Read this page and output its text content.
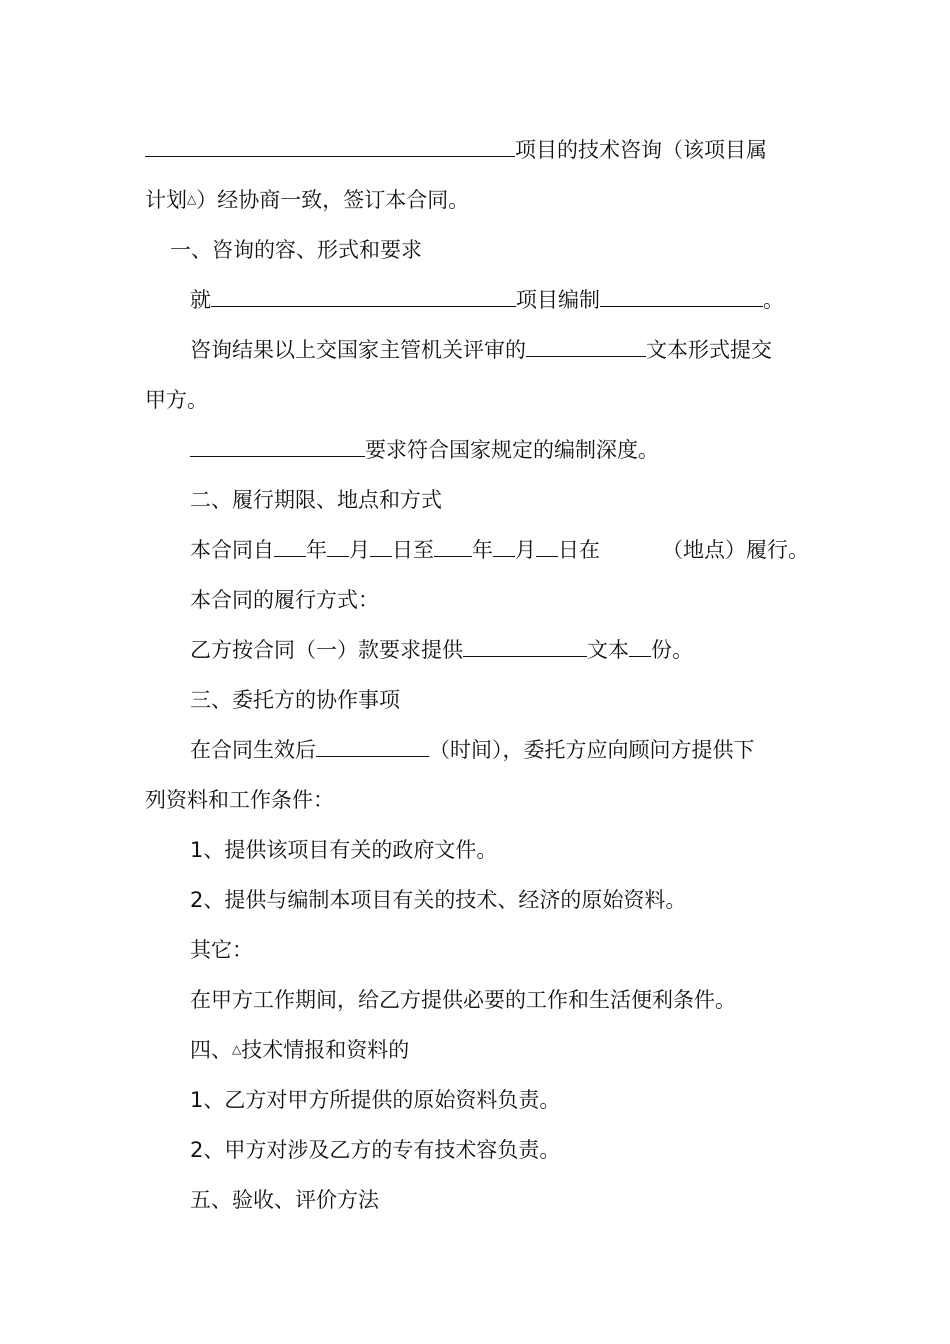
项目的技术咨询（该项目属
计划△）经协商一致，签订本合同。
一、咨询的容、形式和要求
就	项目编制	。
咨询结果以上交国家主管机关评审的	文本形式提交
甲方。
要求符合国家规定的编制深度。
二、履行期限、地点和方式
本合同自 年 月 日至 年 月 日在	（地点）履行。
本合同的履行方式：
乙方按合同（一）款要求提供	文本 份。
三、委托方的协作事项
在合同生效后	（时间），委托方应向顾问方提供下
列资料和工作条件：
1、提供该项目有关的政府文件。
2、提供与编制本项目有关的技术、经济的原始资料。
其它：
在甲方工作期间，给乙方提供必要的工作和生活便利条件。
四、△技术情报和资料的
1、乙方对甲方所提供的原始资料负责。
2、甲方对涉及乙方的专有技术容负责。
五、验收、评价方法
